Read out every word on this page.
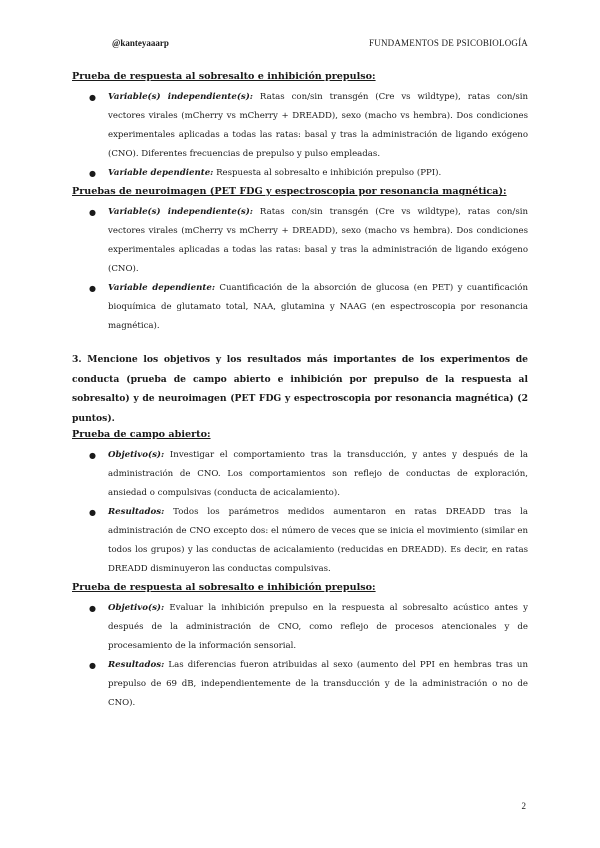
@kanteyaaarp	FUNDAMENTOS DE PSICOBIOLOGÍA

Prueba de respuesta al sobresalto e inhibición prepulso:

● Variable(s) independiente(s): Ratas con/sin transgén (Cre vs wildtype), ratas con/sin vectores virales (mCherry vs mCherry + DREADD), sexo (macho vs hembra). Dos condiciones experimentales aplicadas a todas las ratas: basal y tras la administración de ligando exógeno (CNO). Diferentes frecuencias de prepulso y pulso empleadas.
● Variable dependiente: Respuesta al sobresalto e inhibición prepulso (PPI).

Pruebas de neuroimagen (PET FDG y espectroscopia por resonancia magnética):

● Variable(s) independiente(s): Ratas con/sin transgén (Cre vs wildtype), ratas con/sin vectores virales (mCherry vs mCherry + DREADD), sexo (macho vs hembra). Dos condiciones experimentales aplicadas a todas las ratas: basal y tras la administración de ligando exógeno (CNO).
● Variable dependiente: Cuantificación de la absorción de glucosa (en PET) y cuantificación bioquímica de glutamato total, NAA, glutamina y NAAG (en espectroscopia por resonancia magnética).

3. Mencione los objetivos y los resultados más importantes de los experimentos de conducta (prueba de campo abierto e inhibición por prepulso de la respuesta al sobresalto) y de neuroimagen (PET FDG y espectroscopia por resonancia magnética) (2 puntos).

Prueba de campo abierto:

● Objetivo(s): Investigar el comportamiento tras la transducción, y antes y después de la administración de CNO. Los comportamientos son reflejo de conductas de exploración, ansiedad o compulsivas (conducta de acicalamiento).
● Resultados: Todos los parámetros medidos aumentaron en ratas DREADD tras la administración de CNO excepto dos: el número de veces que se inicia el movimiento (similar en todos los grupos) y las conductas de acicalamiento (reducidas en DREADD). Es decir, en ratas DREADD disminuyeron las conductas compulsivas.

Prueba de respuesta al sobresalto e inhibición prepulso:

● Objetivo(s): Evaluar la inhibición prepulso en la respuesta al sobresalto acústico antes y después de la administración de CNO, como reflejo de procesos atencionales y de procesamiento de la información sensorial.
● Resultados: Las diferencias fueron atribuidas al sexo (aumento del PPI en hembras tras un prepulso de 69 dB, independientemente de la transducción y de la administración o no de CNO).
2
